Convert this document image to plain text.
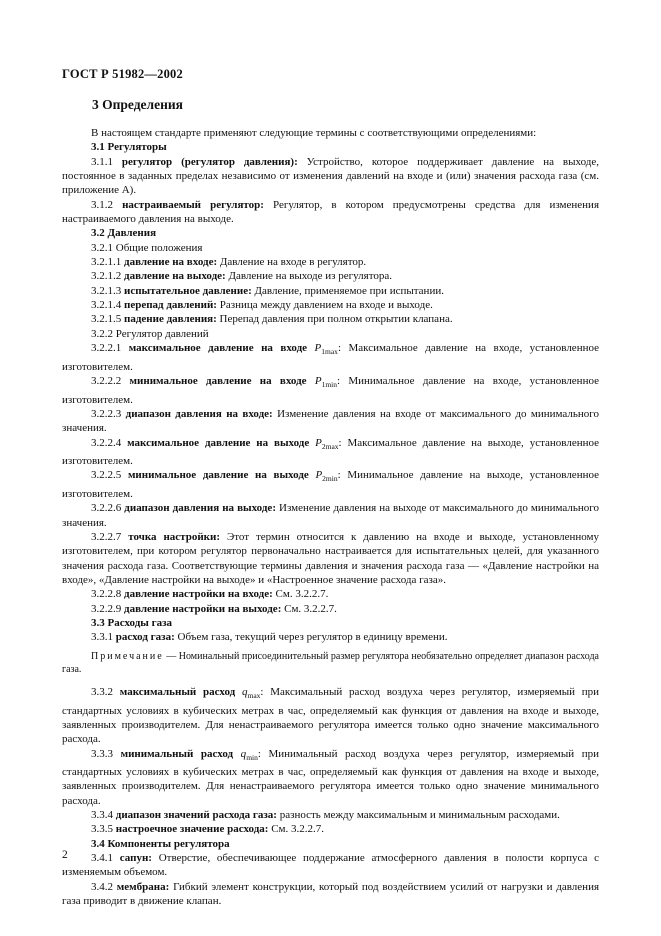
ГОСТ Р 51982—2002
3 Определения

В настоящем стандарте применяют следующие термины с соответствующими определениями:

3.1 Регуляторы

3.1.1 регулятор (регулятор давления): Устройство, которое поддерживает давление на выходе, постоянное в заданных пределах независимо от изменения давлений на входе и (или) значения расхода газа (см. приложение А).

3.1.2 настраиваемый регулятор: Регулятор, в котором предусмотрены средства для изменения настраиваемого давления на выходе.

3.2 Давления

3.2.1 Общие положения

3.2.1.1 давление на входе: Давление на входе в регулятор.

3.2.1.2 давление на выходе: Давление на выходе из регулятора.

3.2.1.3 испытательное давление: Давление, применяемое при испытании.

3.2.1.4 перепад давлений: Разница между давлением на входе и выходе.

3.2.1.5 падение давления: Перепад давления при полном открытии клапана.

3.2.2 Регулятор давлений

3.2.2.1 максимальное давление на входе $P_{1max}$: Максимальное давление на входе, установленное изготовителем.

3.2.2.2 минимальное давление на входе $P_{1min}$: Минимальное давление на входе, установленное изготовителем.

3.2.2.3 диапазон давления на входе: Изменение давления на входе от максимального до минимального значения.

3.2.2.4 максимальное давление на выходе $P_{2max}$: Максимальное давление на выходе, установленное изготовителем.

3.2.2.5 минимальное давление на выходе $P_{2min}$: Минимальное давление на выходе, установленное изготовителем.

3.2.2.6 диапазон давления на выходе: Изменение давления на выходе от максимального до минимального значения.

3.2.2.7 точка настройки: Этот термин относится к давлению на входе и выходе, установленному изготовителем, при котором регулятор первоначально настраивается для испытательных целей, для указанного значения расхода газа. Соответствующие термины давления и значения расхода газа — «Давление настройки на входе», «Давление настройки на выходе» и «Настроенное значение расхода газа».

3.2.2.8 давление настройки на входе: См. 3.2.2.7.

3.2.2.9 давление настройки на выходе: См. 3.2.2.7.

3.3 Расходы газа

3.3.1 расход газа: Объем газа, текущий через регулятор в единицу времени.

Примечание — Номинальный присоединительный размер регулятора необязательно определяет диапазон расхода газа.

3.3.2 максимальный расход $q_{max}$: Максимальный расход воздуха через регулятор, измеряемый при стандартных условиях в кубических метрах в час, определяемый как функция от давления на входе и выходе, заявленных производителем. Для ненастраиваемого регулятора имеется только одно значение максимального расхода.

3.3.3 минимальный расход $q_{min}$: Минимальный расход воздуха через регулятор, измеряемый при стандартных условиях в кубических метрах в час, определяемый как функция от давления на входе и выходе, заявленных производителем. Для ненастраиваемого регулятора имеется только одно значение минимального расхода.

3.3.4 диапазон значений расхода газа: разность между максимальным и минимальным расходами.

3.3.5 настроечное значение расхода: См. 3.2.2.7.

3.4 Компоненты регулятора

3.4.1 сапун: Отверстие, обеспечивающее поддержание атмосферного давления в полости корпуса с изменяемым объемом.

3.4.2 мембрана: Гибкий элемент конструкции, который под воздействием усилий от нагрузки и давления газа приводит в движение клапан.

2
